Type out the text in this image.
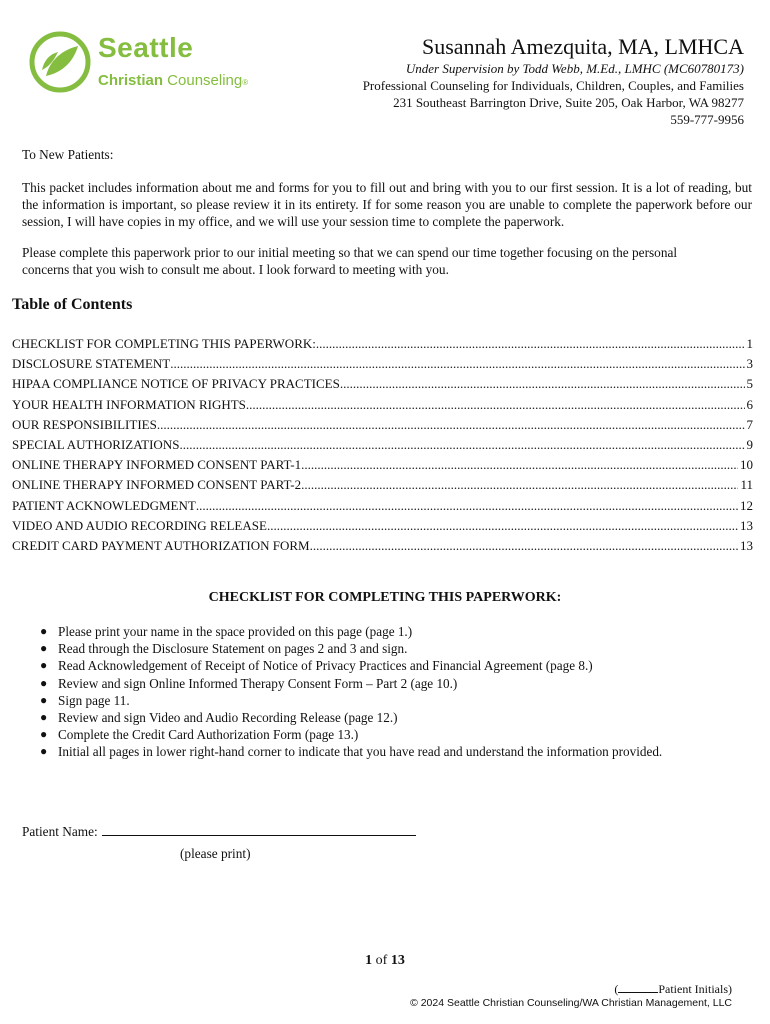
Seattle
Christian Counseling®
Susannah Amezquita, MA, LMHCA
Under Supervision by Todd Webb, M.Ed., LMHC (MC60780173)
Professional Counseling for Individuals, Children, Couples, and Families
231 Southeast Barrington Drive, Suite 205, Oak Harbor, WA 98277
559-777-9956
To New Patients:
This packet includes information about me and forms for you to fill out and bring with you to our first session. It is a lot of reading, but the information is important, so please review it in its entirety. If for some reason you are unable to complete the paperwork before our session, I will have copies in my office, and we will use your session time to complete the paperwork.
Please complete this paperwork prior to our initial meeting so that we can spend our time together focusing on the personal concerns that you wish to consult me about. I look forward to meeting with you.
Table of Contents
CHECKLIST FOR COMPLETING THIS PAPERWORK: .....	1
DISCLOSURE STATEMENT .....	3
HIPAA COMPLIANCE NOTICE OF PRIVACY PRACTICES .....	5
YOUR HEALTH INFORMATION RIGHTS .....	6
OUR RESPONSIBILITIES .....	7
SPECIAL AUTHORIZATIONS .....	9
ONLINE THERAPY INFORMED CONSENT PART-1 .....	10
ONLINE THERAPY INFORMED CONSENT PART-2 .....	11
PATIENT ACKNOWLEDGMENT .....	12
VIDEO AND AUDIO RECORDING RELEASE .....	13
CREDIT CARD PAYMENT AUTHORIZATION FORM .....	13
CHECKLIST FOR COMPLETING THIS PAPERWORK:
● Please print your name in the space provided on this page (page 1.)
● Read through the Disclosure Statement on pages 2 and 3 and sign.
● Read Acknowledgement of Receipt of Notice of Privacy Practices and Financial Agreement (page 8.)
● Review and sign Online Informed Therapy Consent Form – Part 2 (age 10.)
● Sign page 11.
● Review and sign Video and Audio Recording Release (page 12.)
● Complete the Credit Card Authorization Form (page 13.)
● Initial all pages in lower right-hand corner to indicate that you have read and understand the information provided.
Patient Name:
(please print)
1 of 13
(	Patient Initials)
© 2024 Seattle Christian Counseling/WA Christian Management, LLC
